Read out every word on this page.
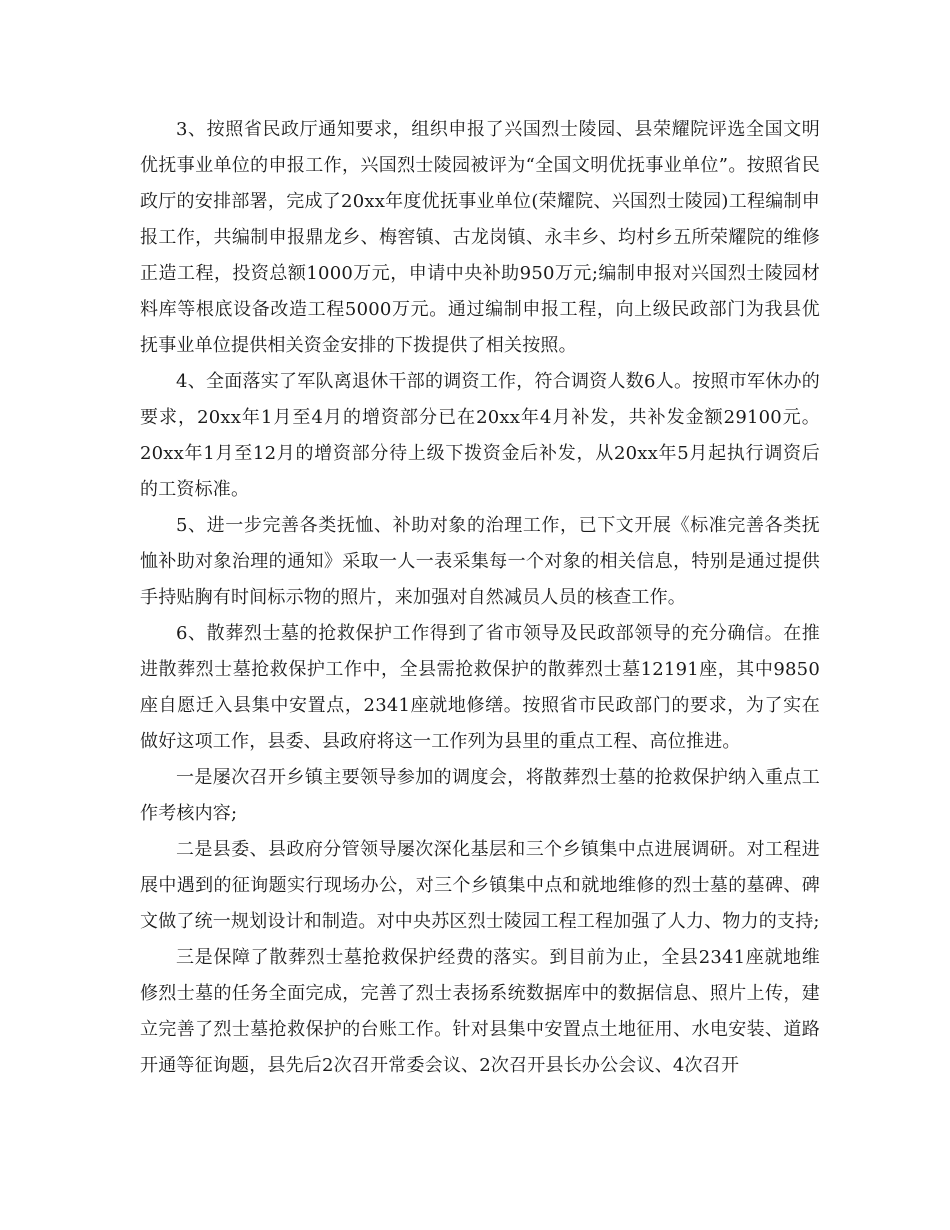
3、按照省民政厅通知要求，组织申报了兴国烈士陵园、县荣耀院评选全国文明优抚事业单位的申报工作，兴国烈士陵园被评为“全国文明优抚事业单位”。按照省民政厅的安排部署，完成了20xx年度优抚事业单位(荣耀院、兴国烈士陵园)工程编制申报工作，共编制申报鼎龙乡、梅窖镇、古龙岗镇、永丰乡、均村乡五所荣耀院的维修正造工程，投资总额1000万元，申请中央补助950万元;编制申报对兴国烈士陵园材料库等根底设备改造工程5000万元。通过编制申报工程，向上级民政部门为我县优抚事业单位提供相关资金安排的下拨提供了相关按照。

4、全面落实了军队离退休干部的调资工作，符合调资人数6人。按照市军休办的要求，20xx年1月至4月的增资部分已在20xx年4月补发，共补发金额29100元。20xx年1月至12月的增资部分待上级下拨资金后补发，从20xx年5月起执行调资后的工资标准。

5、进一步完善各类抚恤、补助对象的治理工作，已下文开展《标准完善各类抚恤补助对象治理的通知》采取一人一表采集每一个对象的相关信息，特别是通过提供手持贴胸有时间标示物的照片，来加强对自然减员人员的核查工作。

6、散葬烈士墓的抢救保护工作得到了省市领导及民政部领导的充分确信。在推进散葬烈士墓抢救保护工作中，全县需抢救保护的散葬烈士墓12191座，其中9850座自愿迁入县集中安置点，2341座就地修缮。按照省市民政部门的要求，为了实在做好这项工作，县委、县政府将这一工作列为县里的重点工程、高位推进。

一是屡次召开乡镇主要领导参加的调度会，将散葬烈士墓的抢救保护纳入重点工作考核内容;

二是县委、县政府分管领导屡次深化基层和三个乡镇集中点进展调研。对工程进展中遇到的征询题实行现场办公，对三个乡镇集中点和就地维修的烈士墓的墓碑、碑文做了统一规划设计和制造。对中央苏区烈士陵园工程工程加强了人力、物力的支持;

三是保障了散葬烈士墓抢救保护经费的落实。到目前为止，全县2341座就地维修烈士墓的任务全面完成，完善了烈士表扬系统数据库中的数据信息、照片上传，建立完善了烈士墓抢救保护的台账工作。针对县集中安置点土地征用、水电安装、道路开通等征询题，县先后2次召开常委会议、2次召开县长办公会议、4次召开
